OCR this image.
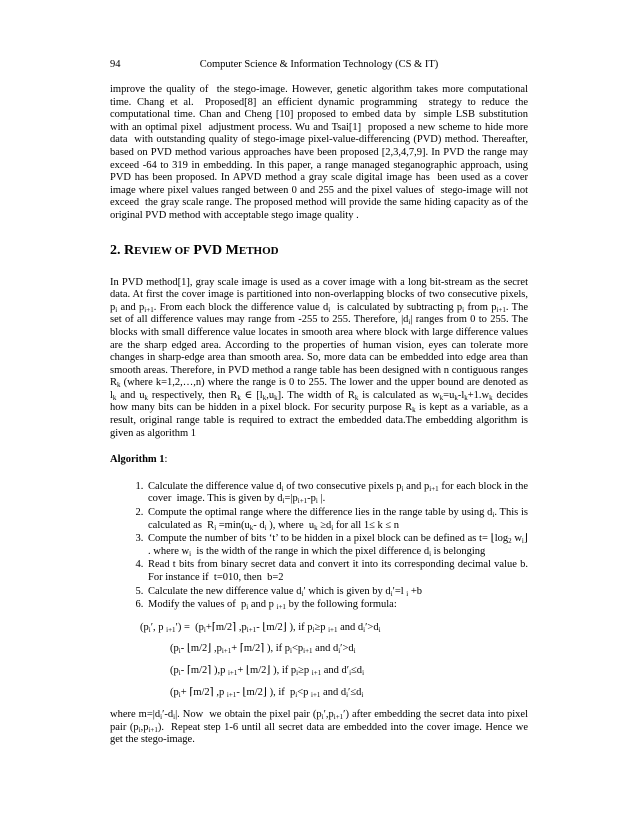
94	Computer Science & Information Technology (CS & IT)

improve the quality of  the stego-image. However, genetic algorithm takes more computational time. Chang et al.  Proposed[8] an efficient dynamic programming  strategy to reduce the computational time. Chan and Cheng [10] proposed to embed data by  simple LSB substitution with an optimal pixel  adjustment process. Wu and Tsai[1]  proposed a new scheme to hide more data  with outstanding quality of stego-image pixel-value-differencing (PVD) method. Thereafter, based on PVD method various approaches have been proposed [2,3,4,7,9]. In PVD the range may exceed -64 to 319 in embedding. In this paper, a range managed steganographic approach, using PVD has been proposed. In APVD method a gray scale digital image has  been used as a cover image where pixel values ranged between 0 and 255 and the pixel values of  stego-image will not exceed  the gray scale range. The proposed method will provide the same hiding capacity as of the original PVD method with acceptable stego image quality .

2. REVIEW OF PVD METHOD

In PVD method[1], gray scale image is used as a cover image with a long bit-stream as the secret data. At first the cover image is partitioned into non-overlapping blocks of two consecutive pixels, $p_i$ and $p_{i+1}$. From each block the difference value $d_i$  is calculated by subtracting $p_i$ from $p_{i+1}$. The set of all difference values may range from -255 to 255. Therefore, $|d_i|$ ranges from 0 to 255. The blocks with small difference value locates in smooth area where block with large difference values are the sharp edged area. According to the properties of human vision, eyes can tolerate more changes in sharp-edge area than smooth area. So, more data can be embedded into edge area than smooth areas. Therefore, in PVD method a range table has been designed with n contiguous ranges $R_k$ (where k=1,2,…,n) where the range is 0 to 255. The lower and the upper bound are denoted as $l_k$ and $u_k$ respectively, then $R_k$ ∈ $[l_k,u_k]$. The width of $R_k$ is calculated as $w_k=u_k-l_k+1.w_k$ decides how many bits can be hidden in a pixel block. For security purpose $R_k$ is kept as a variable, as a result, original range table is required to extract the embedded data.The embedding algorithm is given as algorithm 1

Algorithm 1:
1. Calculate the difference value $d_i$ of two consecutive pixels $p_i$ and $p_{i+1}$ for each block in the cover  image. This is given by $d_i=|p_{i+1}-p_i$ |.
2. Compute the optimal range where the difference lies in the range table by using $d_i$. This is calculated as  $R_i =\min(u_k-$ $d_i$ ), where  $u_k \ge d_i$ for all 1≤ k ≤ n
3. Compute the number of bits ‘t’ to be hidden in a pixel block can be defined as $t= ⌊\log_2$ $w_i⌋$ . where $w_i$  is the width of the range in which the pixel difference $d_i$ is belonging
4. Read t bits from binary secret data and convert it into its corresponding decimal value b. For instance if  t=010, then  b=2
5. Calculate the new difference value $d_i'$ which is given by $d_i'=l$ $_i$ +b
6. Modify the values of  $p_i$ and p $_{i+1}$ by the following formula:
($p_i'$, p $_{i+1}') = (p_i+⌈m/2⌉$ $,p_{i+1}-$ ⌊m/2⌋ ), if $p_i\ge p$ $_{i+1}$ and $d_i'>d_i$
($p_i-$ ⌊m/2⌋ $,p_{i+1}+$ ⌈m/2⌉ ), if $p_i<p_{i+1}$ and $d_i'>d_i$
($p_i-$ ⌈m/2⌉ ),p $_{i+1}$+ ⌊m/2⌋ ), if $p_i\ge p$ $_{i+1}$ and $d'_i\le d_i$
($p_i+$ ⌈m/2⌉ ,p $_{i+1}$- ⌊m/2⌋ ), if  $p_i<p$ $_{i+1}$ and $d_i'\le d_i$

where $m=|d_i'-d_i|$. Now  we obtain the pixel pair $(p_i',p_{i+1}')$ after embedding the secret data into pixel pair $(p_i,p_{i+1})$.  Repeat step 1-6 until all secret data are embedded into the cover image. Hence we get the stego-image.
